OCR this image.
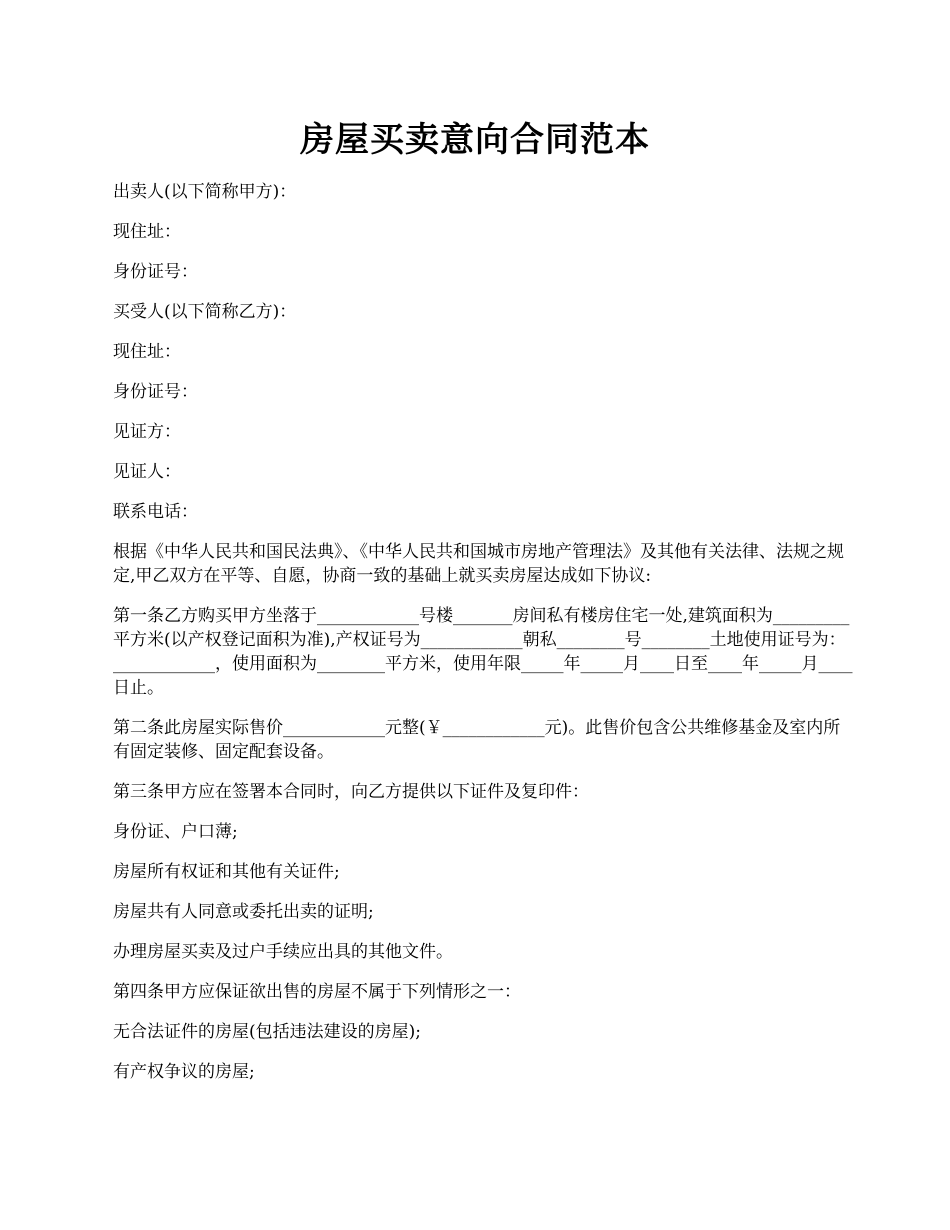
房屋买卖意向合同范本

出卖人(以下简称甲方)：

现住址：

身份证号：

买受人(以下简称乙方)：

现住址：

身份证号：

见证方：

见证人：

联系电话：

根据《中华人民共和国民法典》、《中华人民共和国城市房地产管理法》及其他有关法律、法规之规定,甲乙双方在平等、自愿，协商一致的基础上就买卖房屋达成如下协议:

第一条乙方购买甲方坐落于____________号楼_______房间私有楼房住宅一处,建筑面积为_________平方米(以产权登记面积为准),产权证号为____________朝私________号________土地使用证号为：____________，使用面积为________平方米，使用年限_____年_____月____日至____年_____月____日止。

第二条此房屋实际售价____________元整(￥____________元)。此售价包含公共维修基金及室内所有固定装修、固定配套设备。

第三条甲方应在签署本合同时，向乙方提供以下证件及复印件：

身份证、户口薄;

房屋所有权证和其他有关证件;

房屋共有人同意或委托出卖的证明;

办理房屋买卖及过户手续应出具的其他文件。

第四条甲方应保证欲出售的房屋不属于下列情形之一：

无合法证件的房屋(包括违法建设的房屋);

有产权争议的房屋;
